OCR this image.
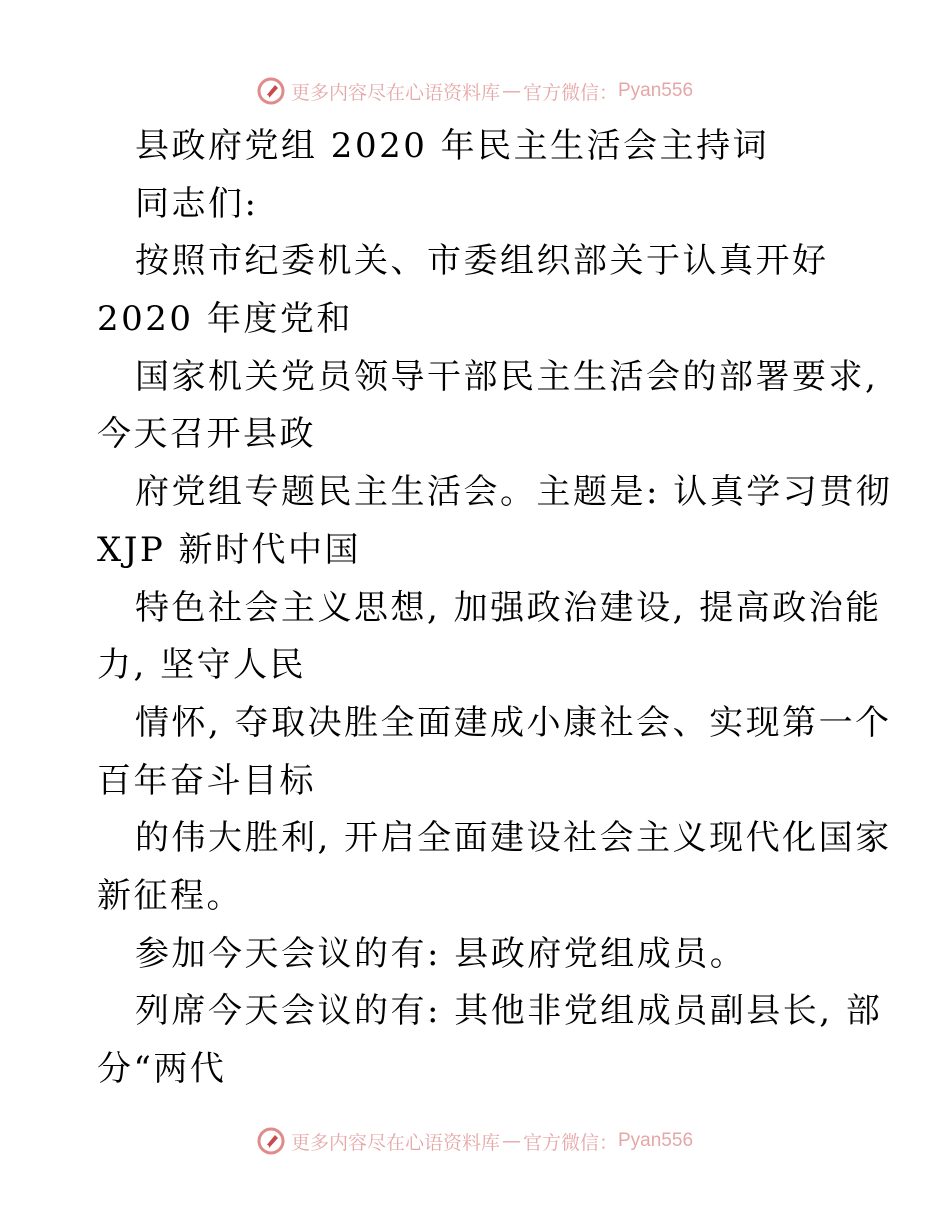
更多内容尽在心语资料库 — 官方微信： Pyan556
县政府党组 2020 年民主生活会主持词
同志们:
按照市纪委机关、市委组织部关于认真开好
2020 年度党和
国家机关党员领导干部民主生活会的部署要求,
今天召开县政
府党组专题民主生活会。主题是: 认真学习贯彻
XJP 新时代中国
特色社会主义思想, 加强政治建设, 提高政治能
力, 坚守人民
情怀, 夺取决胜全面建成小康社会、实现第一个
百年奋斗目标
的伟大胜利, 开启全面建设社会主义现代化国家
新征程。
参加今天会议的有: 县政府党组成员。
列席今天会议的有: 其他非党组成员副县长, 部
分“两代
更多内容尽在心语资料库 — 官方微信： Pyan556
